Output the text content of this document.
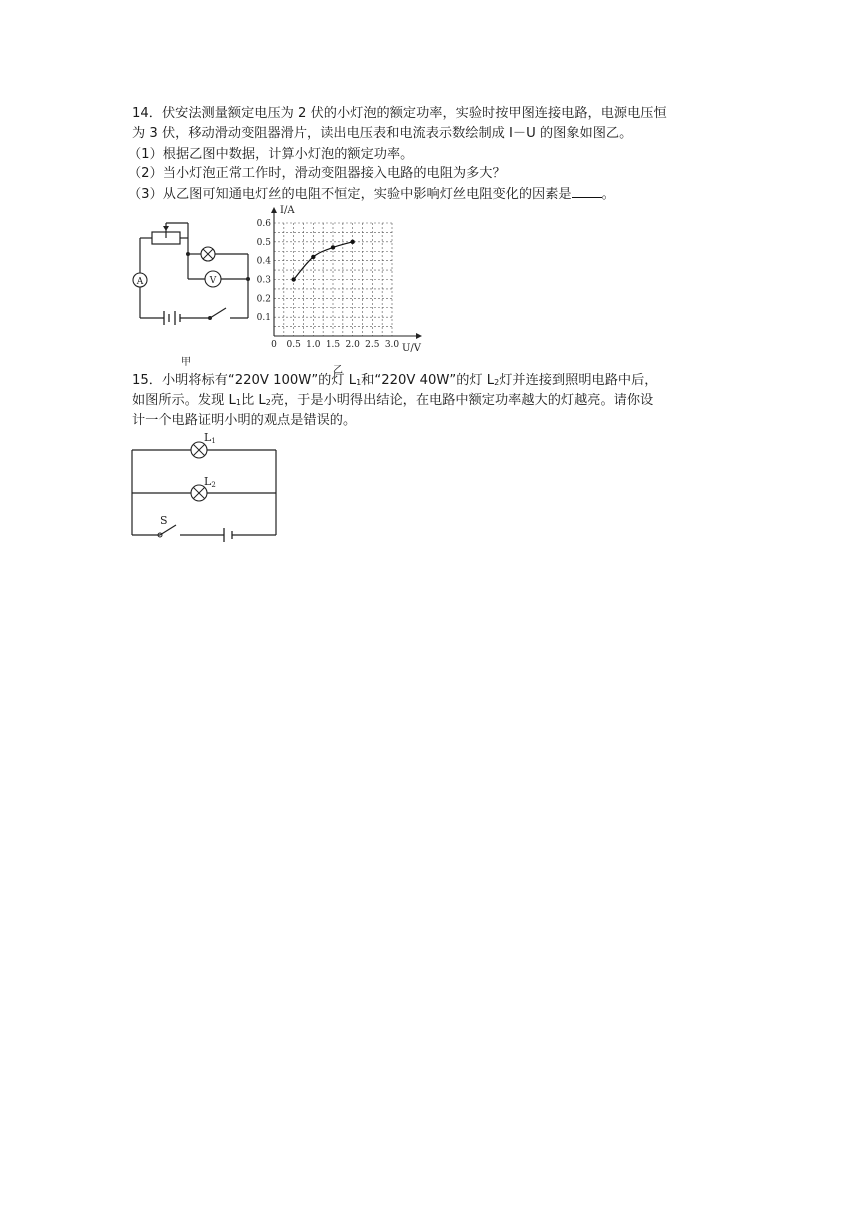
14．伏安法测量额定电压为 2 伏的小灯泡的额定功率，实验时按甲图连接电路，电源电压恒
为 3 伏，移动滑动变阻器滑片，读出电压表和电流表示数绘制成 I－U 的图象如图乙。
（1）根据乙图中数据，计算小灯泡的额定功率。
（2）当小灯泡正常工作时，滑动变阻器接入电路的电阻为多大？
（3）从乙图可知通电灯丝的电阻不恒定，实验中影响灯丝电阻变化的因素是 。
A	V
甲
U/V
I/A
0 0.5 1.0 1.5 2.0 2.5 3.0
0.1
0.2
0.3
0.4
0.5
0.6
乙
15．小明将标有“220V 100W”的灯 $L_1$和“220V 40W”的灯 $L_2$灯并连接到照明电路中后，
如图所示。发现 $L_1$比 $L_2$亮，于是小明得出结论，在电路中额定功率越大的灯越亮。请你设
计一个电路证明小明的观点是错误的。
L1
L2
S
